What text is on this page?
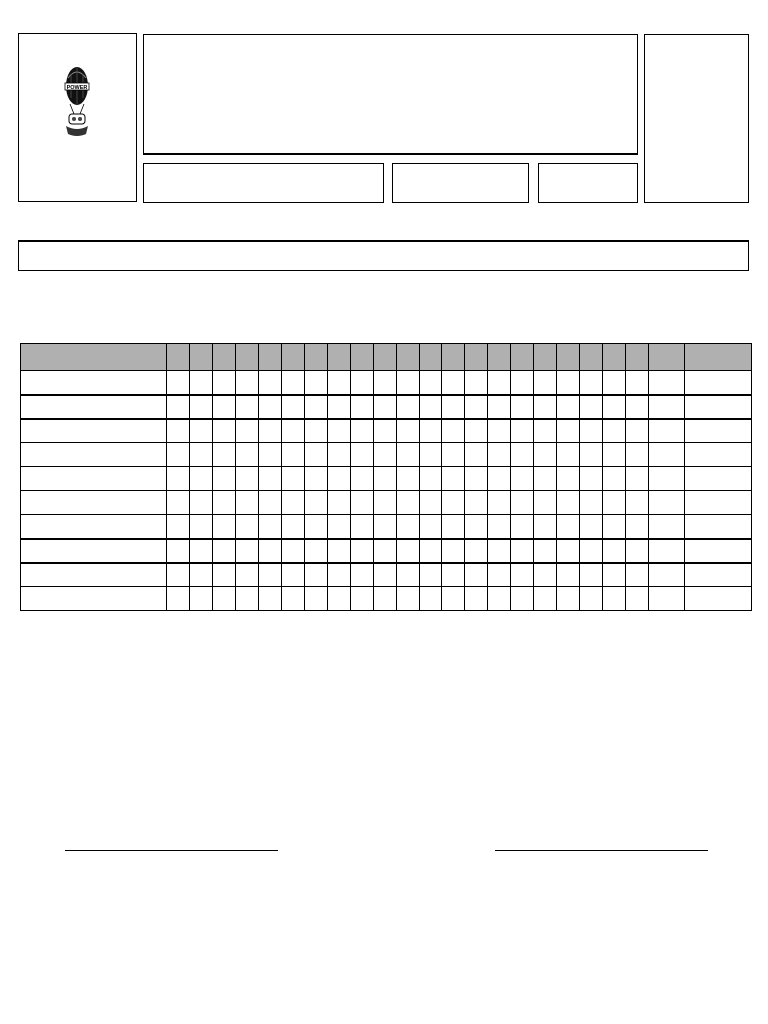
POWER
